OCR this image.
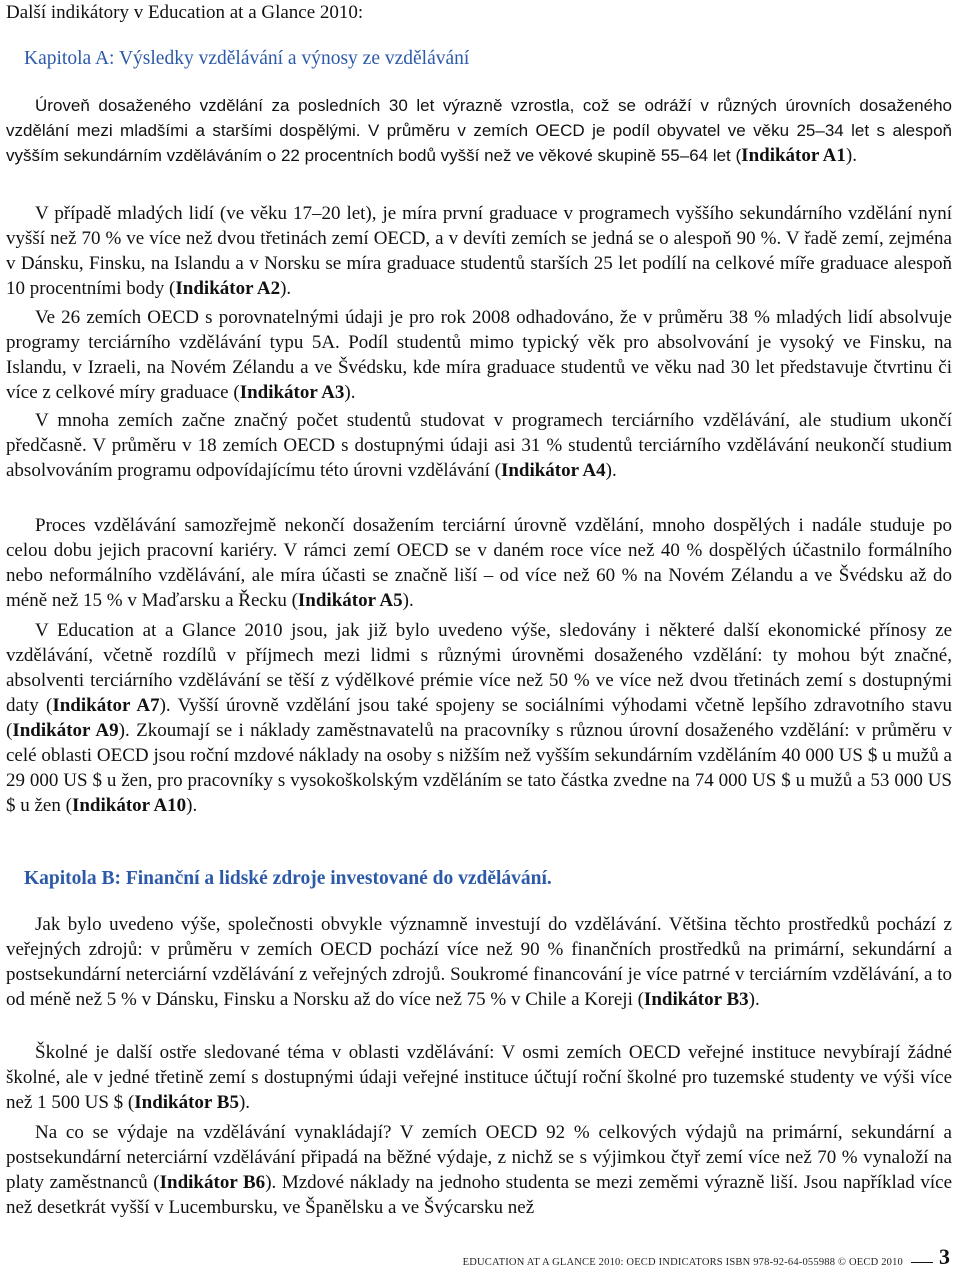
Další indikátory v Education at a Glance 2010:
Kapitola A: Výsledky vzdělávání a výnosy ze vzdělávání

Úroveň dosaženého vzdělání za posledních 30 let výrazně vzrostla, což se odráží v různých úrovních dosaženého vzdělání mezi mladšími a staršími dospělými. V průměru v zemích OECD je podíl obyvatel ve věku 25–34 let s alespoň vyšším sekundárním vzděláváním o 22 procentních bodů vyšší než ve věkové skupině 55–64 let (Indikátor A1).

V případě mladých lidí (ve věku 17–20 let), je míra první graduace v programech vyššího sekundárního vzdělání nyní vyšší než 70 % ve více než dvou třetinách zemí OECD, a v devíti zemích se jedná se o alespoň 90 %. V řadě zemí, zejména v Dánsku, Finsku, na Islandu a v Norsku se míra graduace studentů starších 25 let podílí na celkové míře graduace alespoň 10 procentními body (Indikátor A2).

Ve 26 zemích OECD s porovnatelnými údaji je pro rok 2008 odhadováno, že v průměru 38 % mladých lidí absolvuje programy terciárního vzdělávání typu 5A. Podíl studentů mimo typický věk pro absolvování je vysoký ve Finsku, na Islandu, v Izraeli, na Novém Zélandu a ve Švédsku, kde míra graduace studentů ve věku nad 30 let představuje čtvrtinu či více z celkové míry graduace (Indikátor A3).

V mnoha zemích začne značný počet studentů studovat v programech terciárního vzdělávání, ale studium ukončí předčasně. V průměru v 18 zemích OECD s dostupnými údaji asi 31 % studentů terciárního vzdělávání neukončí studium absolvováním programu odpovídajícímu této úrovni vzdělávání (Indikátor A4).

Proces vzdělávání samozřejmě nekončí dosažením terciární úrovně vzdělání, mnoho dospělých i nadále studuje po celou dobu jejich pracovní kariéry. V rámci zemí OECD se v daném roce více než 40 % dospělých účastnilo formálního nebo neformálního vzdělávání, ale míra účasti se značně liší – od více než 60 % na Novém Zélandu a ve Švédsku až do méně než 15 % v Maďarsku a Řecku (Indikátor A5).

V Education at a Glance 2010 jsou, jak již bylo uvedeno výše, sledovány i některé další ekonomické přínosy ze vzdělávání, včetně rozdílů v příjmech mezi lidmi s různými úrovněmi dosaženého vzdělání: ty mohou být značné, absolventi terciárního vzdělávání se těší z výdělkové prémie více než 50 % ve více než dvou třetinách zemí s dostupnými daty (Indikátor A7). Vyšší úrovně vzdělání jsou také spojeny se sociálními výhodami včetně lepšího zdravotního stavu (Indikátor A9). Zkoumají se i náklady zaměstnavatelů na pracovníky s různou úrovní dosaženého vzdělání: v průměru v celé oblasti OECD jsou roční mzdové náklady na osoby s nižším než vyšším sekundárním vzděláním 40 000 US $ u mužů a 29 000 US $ u žen, pro pracovníky s vysokoškolským vzděláním se tato částka zvedne na 74 000 US $ u mužů a 53 000 US $ u žen (Indikátor A10).

Kapitola B: Finanční a lidské zdroje investované do vzdělávání.

Jak bylo uvedeno výše, společnosti obvykle významně investují do vzdělávání. Většina těchto prostředků pochází z veřejných zdrojů: v průměru v zemích OECD pochází více než 90 % finančních prostředků na primární, sekundární a postsekundární neterciární vzdělávání z veřejných zdrojů. Soukromé financování je více patrné v terciárním vzdělávání, a to od méně než 5 % v Dánsku, Finsku a Norsku až do více než 75 % v Chile a Koreji (Indikátor B3).

Školné je další ostře sledované téma v oblasti vzdělávání: V osmi zemích OECD veřejné instituce nevybírají žádné školné, ale v jedné třetině zemí s dostupnými údaji veřejné instituce účtují roční školné pro tuzemské studenty ve výši více než 1 500 US $ (Indikátor B5).

Na co se výdaje na vzdělávání vynakládají? V zemích OECD 92 % celkových výdajů na primární, sekundární a postsekundární neterciární vzdělávání připadá na běžné výdaje, z nichž se s výjimkou čtyř zemí více než 70 % vynaloží na platy zaměstnanců (Indikátor B6). Mzdové náklady na jednoho studenta se mezi zeměmi výrazně liší. Jsou například více než desetkrát vyšší v Lucembursku, ve Španělsku a ve Švýcarsku než

EDUCATION AT A GLANCE 2010: OECD INDICATORS ISBN 978-92-64-055988 © OECD 2010 3
